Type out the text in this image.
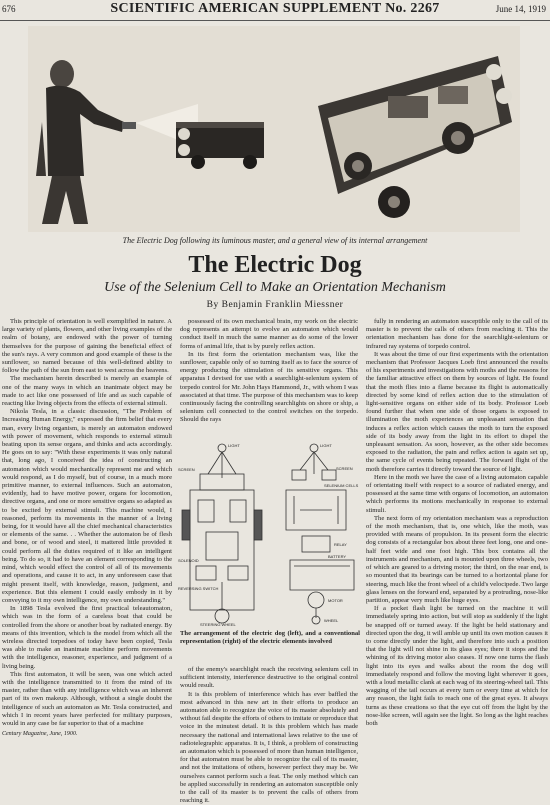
676	SCIENTIFIC AMERICAN SUPPLEMENT No. 2267	June 14, 1919
The Electric Dog following its luminous master, and a general view of its internal arrangement
The Electric Dog
Use of the Selenium Cell to Make an Orientation Mechanism
By Benjamin Franklin Miessner

This principle of orientation is well exemplified in nature. A large variety of plants, flowers, and other living examples of the realm of botany, are endowed with the power of turning themselves for the purpose of gaining the beneficial effect of the sun's rays. A very common and good example of these is the sunflower, so named because of this well-defined ability to follow the path of the sun from east to west across the heavens.

The mechanism herein described is merely an example of one of the many ways in which an inanimate object may be made to act like one possessed of life and as such capable of reacting like living objects from the effects of external stimuli.

Nikola Tesla, in a classic discussion, "The Problem of Increasing Human Energy," expressed the firm belief that every man, every living organism, is merely an automaton endowed with power of movement, which responds to external stimuli beating upon its sense organs, and thinks and acts accordingly. He goes on to say: "With these experiments it was only natural that, long ago, I conceived the idea of constructing an automaton which would mechanically represent me and which would respond, as I do myself, but of course, in a much more primitive manner, to external influences. Such an automaton, evidently, had to have motive power, organs for locomotion, directive organs, and one or more sensitive organs so adapted as to be excited by external stimuli. This machine would, I reasoned, perform its movements in the manner of a living being, for it would have all the chief mechanical characteristics or elements of the same. . . Whether the automaton be of flesh and bone, or of wood and steel, it mattered little provided it could perform all the duties required of it like an intelligent being. To do so, it had to have an element corresponding to the mind, which would effect the control of all of its movements and operations, and cause it to act, in any unforeseen case that might present itself, with knowledge, reason, judgment, and experience. But this element I could easily embody in it by conveying to it my own intelligence, my own understanding."

In 1898 Tesla evolved the first practical teleautomaton, which was in the form of a careless boat that could be controlled from the shore or another boat by radiated energy. By means of this invention, which is the model from which all the wireless directed torpedoes of today have been copied, Tesla was able to make an inanimate machine perform movements with the intelligence, reasoner, experience, and judgment of a living being.

This first automaton, it will be seen, was one which acted with the intelligence transmitted to it from the mind of its master, rather than with any intelligence which was an inherent part of its own makeup. Although, without a single doubt the intelligence of such an automaton as Mr. Tesla constructed, and which I in recent years have perfected for military purposes, would in any case be far superior to that of a machine

Century Magazine, June, 1900.

possessed of its own mechanical brain, my work on the electric dog represents an attempt to evolve an automaton which would conduct itself in much the same manner as do some of the lower forms of animal life, that is by purely reflex action.

In its first form the orientation mechanism was, like the sunflower, capable only of so turning itself as to face the source of energy producing the stimulation of its sensitive organs. This apparatus I devised for use with a searchlight-selenium system of torpedo control for Mr. John Hays Hammond, Jr., with whom I was associated at that time. The purpose of this mechanism was to keep continuously facing the controlling searchlights on shore or ship, a selenium cell connected to the control switches on the torpedo. Should the rays

LIGHT
SCREEN
SOLENOID
REVERSING SWITCH
STEERING WHEEL
LIGHT
SCREEN
SELENIUM CELLS
RELAY
BATTERY
MOTOR
WHEEL
The arrangement of the electric dog (left), and a conventional representation (right) of the electric elements involved

of the enemy's searchlight reach the receiving selenium cell in sufficient intensity, interference destructive to the original control would result.

It is this problem of interference which has ever baffled the most advanced in this new art in their efforts to produce an automaton able to recognize the voice of its master absolutely and without fail despite the efforts of others to imitate or reproduce that voice in the minutest detail. It is this problem which has made necessary the national and international laws relative to the use of radiotelegraphic apparatus. It is, I think, a problem of constructing an automaton which is possessed of more than human intelligence, for that automaton must be able to recognize the call of its master, and not the imitations of others, however perfect they may be. We ourselves cannot perform such a feat. The only method which can be applied successfully in rendering an automaton susceptible only to the call of its master is to prevent the calls of others from reaching it.

fully in rendering an automaton susceptible only to the call of its master is to prevent the calls of others from reaching it. This the orientation mechanism has done for the searchlight-selenium or infrared ray systems of torpedo control.

It was about the time of our first experiments with the orientation mechanism that Professor Jacques Loeb first announced the results of his experiments and investigations with moths and the reasons for the familiar attractive effect on them by sources of light. He found that the moth flies into a flame because its flight is automatically directed by some kind of reflex action due to the stimulation of light-sensitive organs on either side of its body. Professor Loeb found further that when one side of those organs is exposed to illumination the moth experiences an unpleasant sensation that induces a reflex action which causes the moth to turn the exposed side of its body away from the light in its effort to dispel the unpleasant sensation. As soon, however, as the other side becomes exposed to the radiation, the pain and reflex action is again set up, the same cycle of events being repeated. The forward flight of the moth therefore carries it directly toward the source of light.

Here in the moth we have the case of a living automaton capable of orientating itself with respect to a source of radiated energy, and possessed at the same time with organs of locomotion, an automaton which performs its motions mechanically in response to external stimuli.

The next form of my orientation mechanism was a reproduction of the moth mechanism, that is, one which, like the moth, was provided with means of propulsion. In its present form the electric dog consists of a rectangular box about three feet long, one and one-half feet wide and one foot high. This box contains all the instruments and mechanism, and is mounted upon three wheels, two of which are geared to a driving motor; the third, on the rear end, is so mounted that its bearings can be turned to a horizontal plane for steering, much like the front wheel of a child's velocipede. Two large glass lenses on the forward end, separated by a protruding, nose-like partition, appear very much like huge eyes.

If a pocket flash light be turned on the machine it will immediately spring into action, but will stop as suddenly if the light be snapped off or turned away. If the light be held stationary and directed upon the dog, it will amble up until its own motion causes it to come directly under the light, and therefore into such a position that the light will not shine in its glass eyes; there it stops and the whining of its driving motor also ceases. If now one turns the flash light into its eyes and walks about the room the dog will immediately respond and follow the moving light wherever it goes, with a loud metallic clank at each wag of its steering-wheel tail. This wagging of the tail occurs at every turn or every time at which for any reason, the light fails to reach one of the great eyes. It always turns as these creations so that the eye cut off from the light by the nose-like screen, will again see the light. So long as the light reaches both
